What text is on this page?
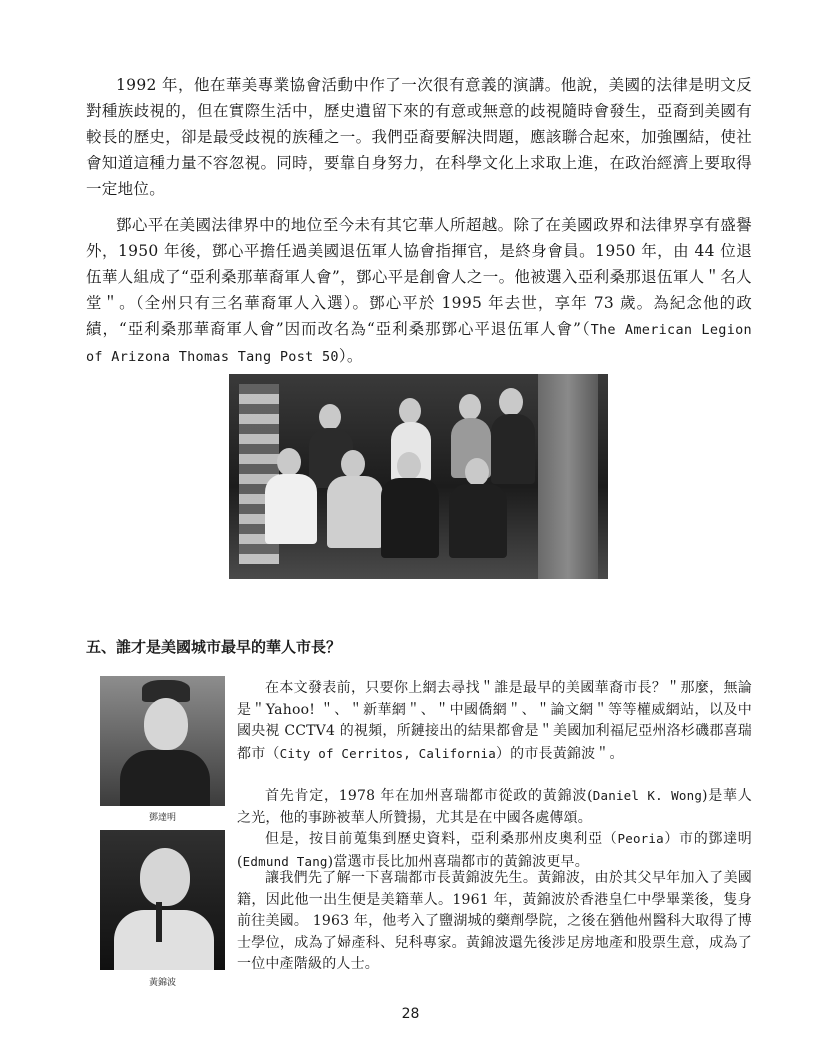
1992 年，他在華美專業協會活動中作了一次很有意義的演講。他說，美國的法律是明文反對種族歧視的，但在實際生活中，歷史遺留下來的有意或無意的歧視隨時會發生，亞裔到美國有較長的歷史，卻是最受歧視的族種之一。我們亞裔要解決問題，應該聯合起來，加強團結，使社會知道這種力量不容忽視。同時，要靠自身努力，在科學文化上求取上進，在政治經濟上要取得一定地位。

鄧心平在美國法律界中的地位至今未有其它華人所超越。除了在美國政界和法律界享有盛譽外，1950 年後，鄧心平擔任過美國退伍軍人協會指揮官，是終身會員。1950 年，由 44 位退伍華人組成了“亞利桑那華裔軍人會”，鄧心平是創會人之一。他被選入亞利桑那退伍軍人＂名人堂＂。（全州只有三名華裔軍人入選）。鄧心平於 1995 年去世，享年 73 歲。為紀念他的政績，“亞利桑那華裔軍人會”因而改名為“亞利桑那鄧心平退伍軍人會”（The American Legion of Arizona Thomas Tang Post 50）。

五、誰才是美國城市最早的華人市長？

鄧達明

黃錦波

在本文發表前，只要你上網去尋找＂誰是最早的美國華裔市長？＂那麼，無論是＂Yahoo! ＂、＂新華網＂、＂中國僑網＂、＂論文網＂等等權威網站，以及中國央視 CCTV4 的視頻，所鏈接出的結果都會是＂美國加利福尼亞州洛杉磯郡喜瑞都市（City of Cerritos, California）的市長黃錦波＂。

首先肯定，1978 年在加州喜瑞都市從政的黃錦波(Daniel K. Wong)是華人之光，他的事跡被華人所贊揚，尤其是在中國各處傳頌。

但是，按目前蒐集到歷史資料，亞利桑那州皮奧利亞（Peoria）市的鄧達明(Edmund Tang)當選市長比加州喜瑞都市的黃錦波更早。

讓我們先了解一下喜瑞都市長黃錦波先生。黃錦波，由於其父早年加入了美國籍，因此他一出生便是美籍華人。1961 年，黃錦波於香港皇仁中學畢業後，隻身前往美國。 1963 年，他考入了鹽湖城的藥劑學院，之後在猶他州醫科大取得了博士學位，成為了婦產科、兒科專家。黃錦波還先後涉足房地產和股票生意，成為了一位中產階級的人士。

28
